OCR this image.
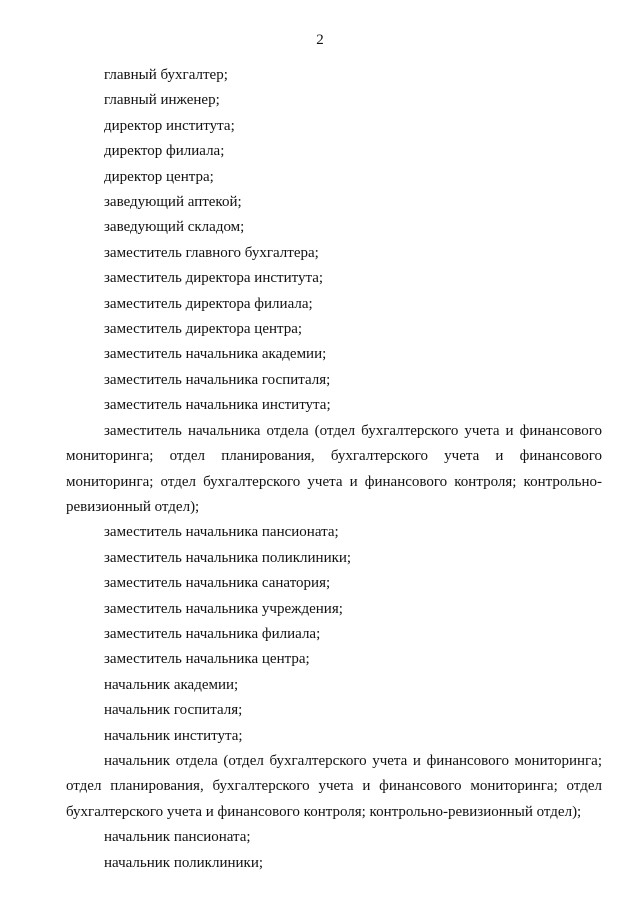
2
главный бухгалтер;
главный инженер;
директор института;
директор филиала;
директор центра;
заведующий аптекой;
заведующий складом;
заместитель главного бухгалтера;
заместитель директора института;
заместитель директора филиала;
заместитель директора центра;
заместитель начальника академии;
заместитель начальника госпиталя;
заместитель начальника института;

заместитель начальника отдела (отдел бухгалтерского учета и финансового мониторинга; отдел планирования, бухгалтерского учета и финансового мониторинга; отдел бухгалтерского учета и финансового контроля; контрольно-ревизионный отдел);

заместитель начальника пансионата;
заместитель начальника поликлиники;
заместитель начальника санатория;
заместитель начальника учреждения;
заместитель начальника филиала;
заместитель начальника центра;
начальник академии;
начальник госпиталя;
начальник института;

начальник отдела (отдел бухгалтерского учета и финансового мониторинга; отдел планирования, бухгалтерского учета и финансового мониторинга; отдел бухгалтерского учета и финансового контроля; контрольно-ревизионный отдел);

начальник пансионата;
начальник поликлиники;
